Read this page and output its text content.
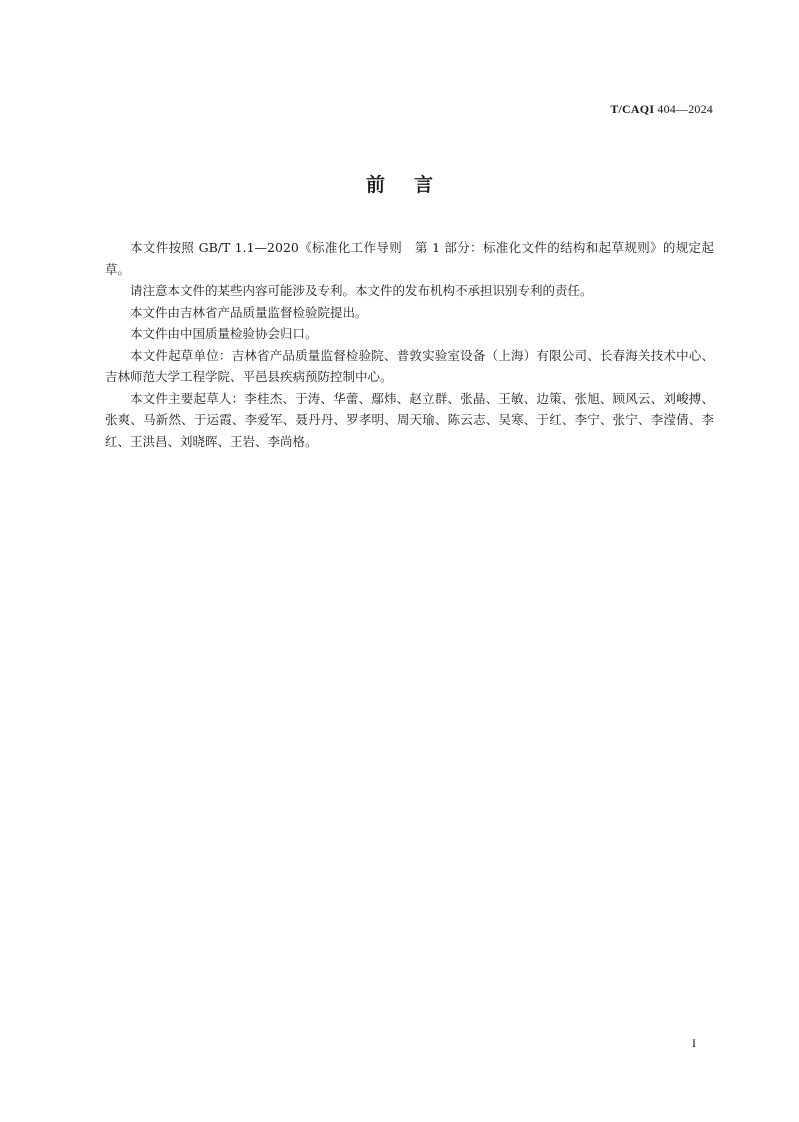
T/CAQI 404—2024
前言

本文件按照 GB/T 1.1—2020《标准化工作导则　第 1 部分：标准化文件的结构和起草规则》的规定起草。

请注意本文件的某些内容可能涉及专利。本文件的发布机构不承担识别专利的责任。

本文件由吉林省产品质量监督检验院提出。

本文件由中国质量检验协会归口。

本文件起草单位：吉林省产品质量监督检验院、普敦实验室设备（上海）有限公司、长春海关技术中心、吉林师范大学工程学院、平邑县疾病预防控制中心。

本文件主要起草人：李桂杰、于涛、华蕾、鄢炜、赵立群、张晶、王敏、边策、张旭、顾风云、刘峻搏、张爽、马新然、于运霞、李爱军、聂丹丹、罗孝明、周天瑜、陈云志、吴寒、于红、李宁、张宁、李滢倩、李红、王洪昌、刘晓晖、王岩、李尚格。

I
